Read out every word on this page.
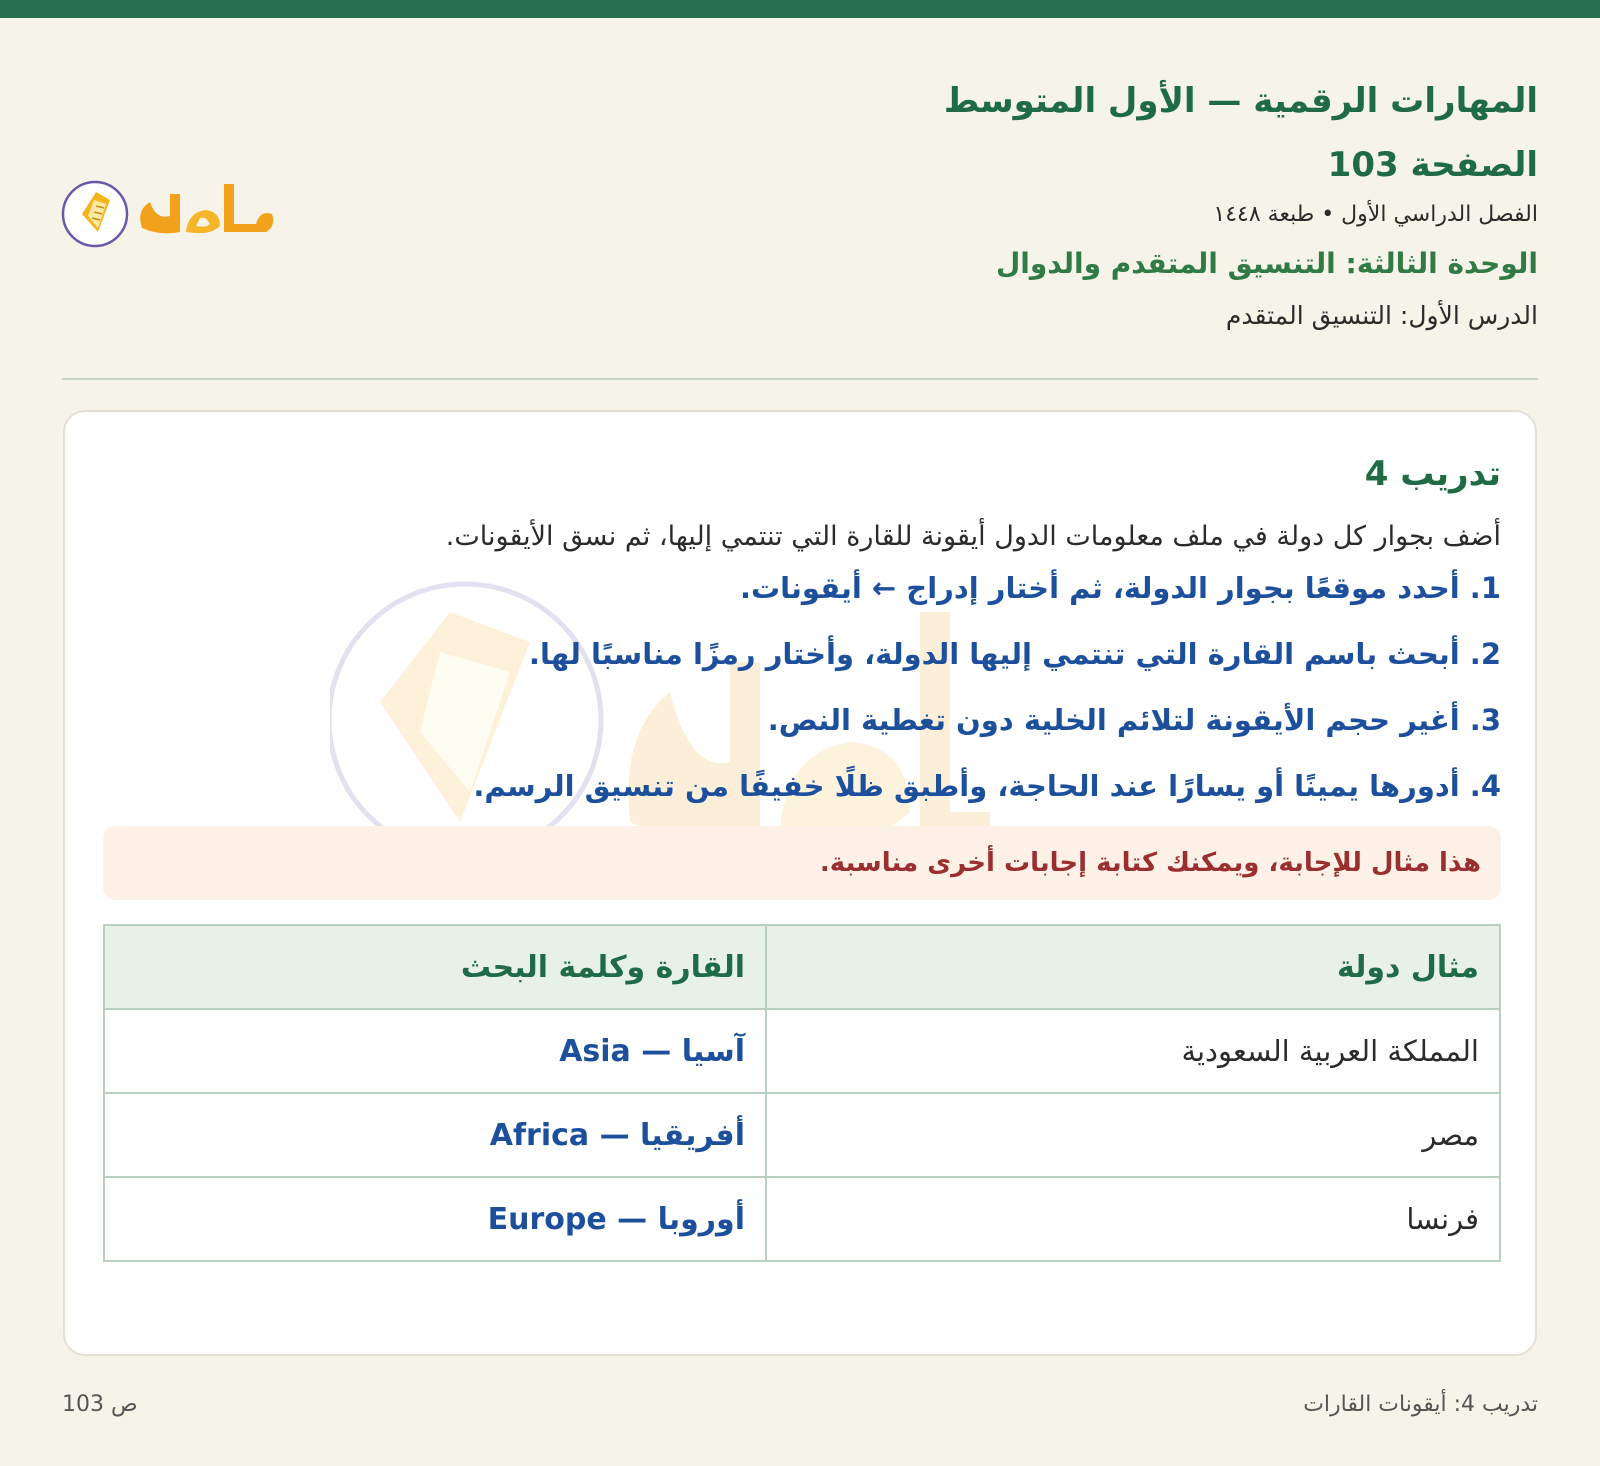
المهارات الرقمية — الأول المتوسط
الصفحة 103
الفصل الدراسي الأول • طبعة ١٤٤٨
الوحدة الثالثة: التنسيق المتقدم والدوال
الدرس الأول: التنسيق المتقدم
تدريب 4
أضف بجوار كل دولة في ملف معلومات الدول أيقونة للقارة التي تنتمي إليها، ثم نسق الأيقونات.
1. أحدد موقعًا بجوار الدولة، ثم أختار إدراج ← أيقونات.
2. أبحث باسم القارة التي تنتمي إليها الدولة، وأختار رمزًا مناسبًا لها.
3. أغير حجم الأيقونة لتلائم الخلية دون تغطية النص.
4. أدورها يمينًا أو يسارًا عند الحاجة، وأطبق ظلًا خفيفًا من تنسيق الرسم.
هذا مثال للإجابة، ويمكنك كتابة إجابات أخرى مناسبة.
مثال دولة	القارة وكلمة البحث
المملكة العربية السعودية	آسيا — Asia
مصر	أفريقيا — Africa
فرنسا	أوروبا — Europe
تدريب 4: أيقونات القارات
ص 103
